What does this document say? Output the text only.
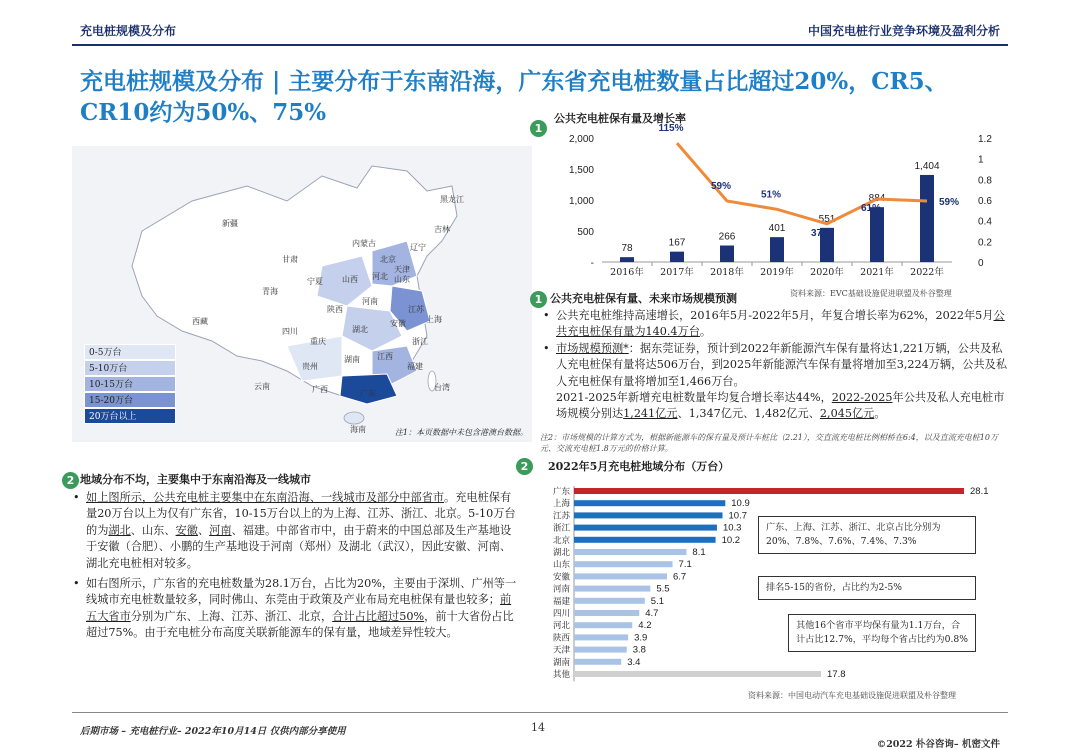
充电桩规模及分布	中国充电桩行业竞争环境及盈利分析
充电桩规模及分布 | 主要分布于东南沿海，广东省充电桩数量占比超过20%，CR5、CR10约为50%、75%
黑龙江
吉林
辽宁
内蒙古
新疆
甘肃
青海
西藏
宁夏
北京
天津
河北
山西
陕西
山东
河南
江苏
安徽	上海
四川	湖北
重庆	浙江
贵州
湖南 江西
云南	广西	广东
福建
台湾
海南
0-5万台
5-10万台
10-15万台
15-20万台
20万台以上
注1：本页数据中未包含港澳台数据。
1
公共充电桩保有量及增长率
2,000
1,500
1,000
500
-
1.2
1
0.8
0.6
0.4
0.2
0
78
2016年
167
2017年
266
2018年
401
2019年
551
2020年
884
2021年
1,404
2022年
115%
59%
51%
37%
61%
59%
资料来源：EVC基础设施促进联盟及朴谷整理
1 公共充电桩保有量、未来市场规模预测
• 公共充电桩维持高速增长，2016年5月-2022年5月，年复合增长率为62%，2022年5月公共充电桩保有量为140.4万台。
• 市场规模预测*：据东莞证券，预计到2022年新能源汽车保有量将达1,221万辆，公共及私人充电桩保有量将达506万台，到2025年新能源汽车保有量将增加至3,224万辆，公共及私人充电桩保有量将增加至1,466万台。
2021-2025年新增充电桩数量年均复合增长率达44%，2022-2025年公共及私人充电桩市场规模分别达1,241亿元、1,347亿元、1,482亿元、2,045亿元。
注2：市场规模的计算方式为，根据新能源车的保有量及预计车桩比（2.21），交直流充电桩比例相桥在6:4，以及直流充电桩10万元、交流充电桩1.8万元的价格计算。
2 地域分布不均，主要集中于东南沿海及一线城市
• 如上图所示，公共充电桩主要集中在东南沿海、一线城市及部分中部省市。充电桩保有量20万台以上为仅有广东省，10-15万台以上的为上海、江苏、浙江、北京。5-10万台的为湖北、山东、安徽、河南、福建。中部省市中，由于蔚来的中国总部及生产基地设于安徽（合肥）、小鹏的生产基地设于河南（郑州）及湖北（武汉），因此安徽、河南、湖北充电桩相对较多。
• 如右图所示，广东省的充电桩数量为28.1万台，占比为20%，主要由于深圳、广州等一线城市充电桩数量较多，同时佛山、东莞由于政策及产业布局充电桩保有量也较多；前五大省市分别为广东、上海、江苏、浙江、北京，合计占比超过50%，前十大省份占比超过75%。由于充电桩分布高度关联新能源车的保有量，地域差异性较大。
2	2022年5月充电桩地域分布（万台）
广东	28.1
上海	10.9
江苏	10.7
浙江	10.3
北京	10.2
湖北	8.1
山东	7.1
安徽	6.7
河南	5.5
福建	5.1
四川	4.7
河北	4.2
陕西	3.9
天津	3.8
湖南	3.4
其他	17.8
广东、上海、江苏、浙江、北京占比分别为20%、7.8%、7.6%、7.4%、7.3%
排名5-15的省份，占比约为2-5%
其他16个省市平均保有量为1.1万台，合计占比12.7%，平均每个省占比约为0.8%
资料来源：中国电动汽车充电基础设施促进联盟及朴谷整理
后期市场 – 充电桩行业– 2022年10月14日 仅供内部分享使用	14
©2022 朴谷咨询– 机密文件
